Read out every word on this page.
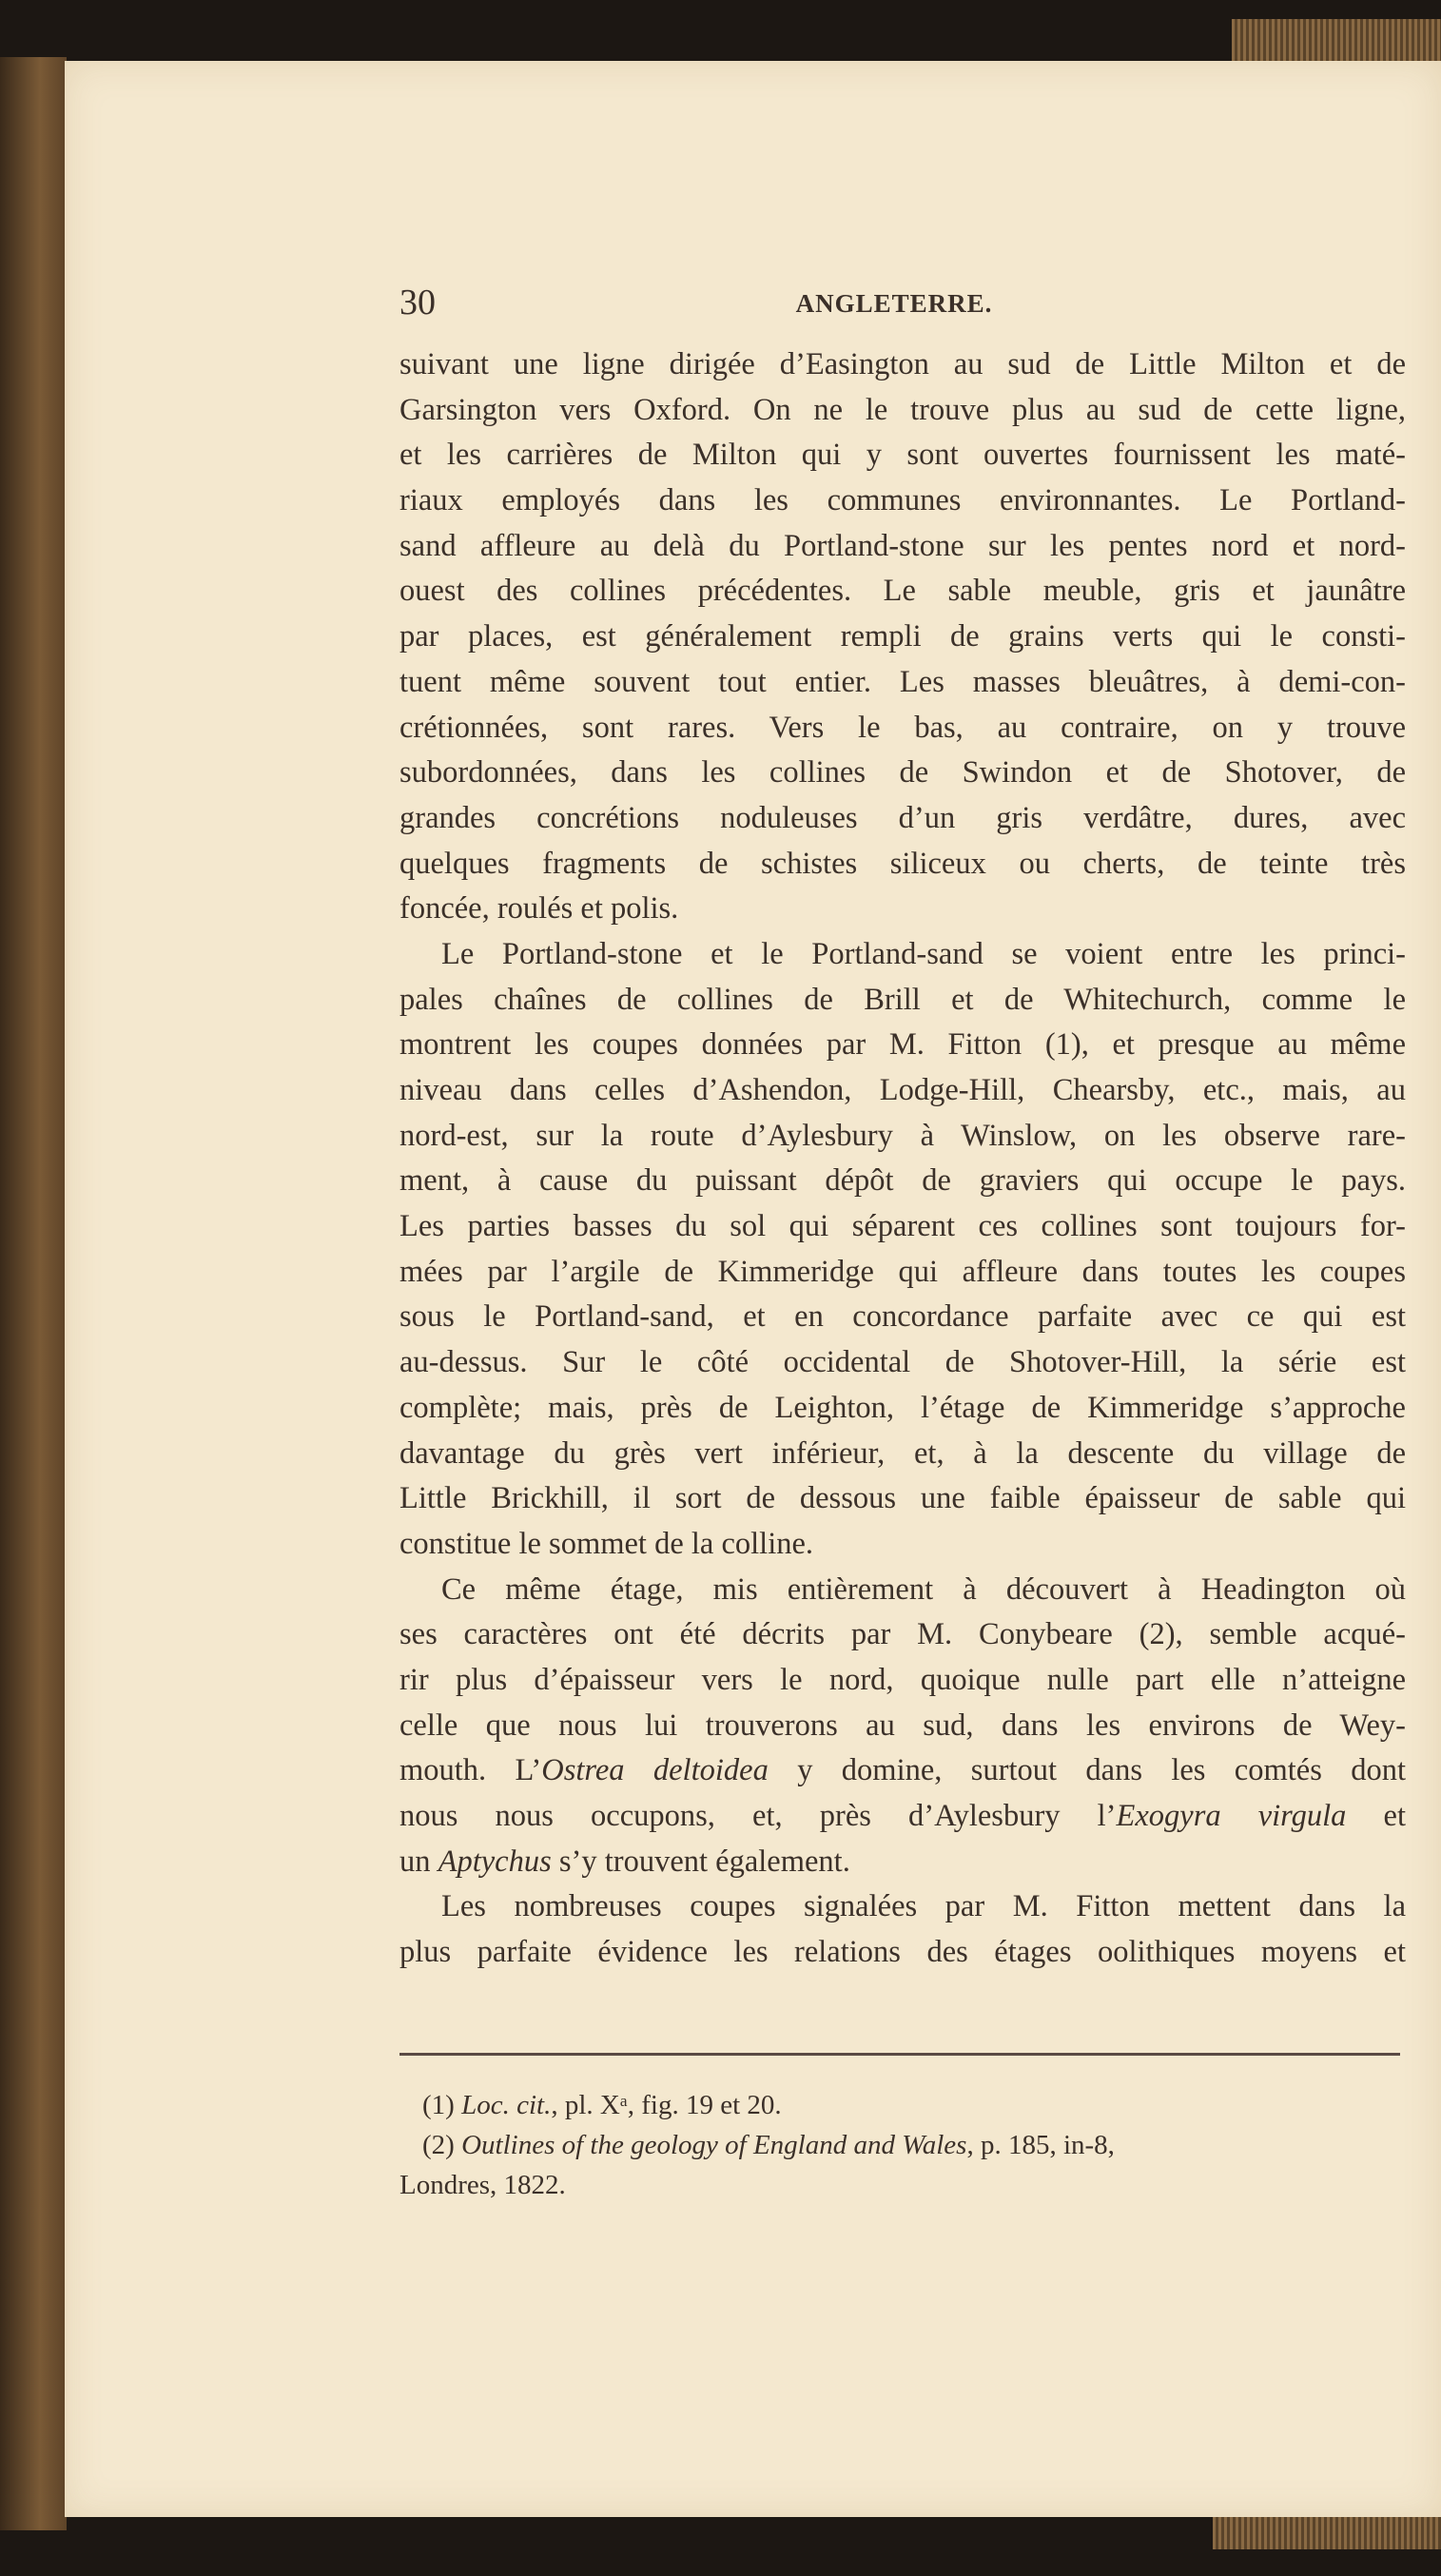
30	ANGLETERRE.
suivant une ligne dirigée d’Easington au sud de Little Milton et de
Garsington vers Oxford. On ne le trouve plus au sud de cette ligne,
et les carrières de Milton qui y sont ouvertes fournissent les maté-
riaux employés dans les communes environnantes. Le Portland-
sand affleure au delà du Portland-stone sur les pentes nord et nord-
ouest des collines précédentes. Le sable meuble, gris et jaunâtre
par places, est généralement rempli de grains verts qui le consti-
tuent même souvent tout entier. Les masses bleuâtres, à demi-con-
crétionnées, sont rares. Vers le bas, au contraire, on y trouve
subordonnées, dans les collines de Swindon et de Shotover, de
grandes concrétions noduleuses d’un gris verdâtre, dures, avec
quelques fragments de schistes siliceux ou cherts, de teinte très
foncée, roulés et polis.
Le Portland-stone et le Portland-sand se voient entre les princi-
pales chaînes de collines de Brill et de Whitechurch, comme le
montrent les coupes données par M. Fitton (1), et presque au même
niveau dans celles d’Ashendon, Lodge-Hill, Chearsby, etc., mais, au
nord-est, sur la route d’Aylesbury à Winslow, on les observe rare-
ment, à cause du puissant dépôt de graviers qui occupe le pays.
Les parties basses du sol qui séparent ces collines sont toujours for-
mées par l’argile de Kimmeridge qui affleure dans toutes les coupes
sous le Portland-sand, et en concordance parfaite avec ce qui est
au-dessus. Sur le côté occidental de Shotover-Hill, la série est
complète; mais, près de Leighton, l’étage de Kimmeridge s’approche
davantage du grès vert inférieur, et, à la descente du village de
Little Brickhill, il sort de dessous une faible épaisseur de sable qui
constitue le sommet de la colline.
Ce même étage, mis entièrement à découvert à Headington où
ses caractères ont été décrits par M. Conybeare (2), semble acqué-
rir plus d’épaisseur vers le nord, quoique nulle part elle n’atteigne
celle que nous lui trouverons au sud, dans les environs de Wey-
mouth. L’Ostrea deltoidea y domine, surtout dans les comtés dont
nous nous occupons, et, près d’Aylesbury l’Exogyra virgula et
un Aptychus s’y trouvent également.
Les nombreuses coupes signalées par M. Fitton mettent dans la
plus parfaite évidence les relations des étages oolithiques moyens et
(1) Loc. cit., pl. Xᵃ, fig. 19 et 20.
(2) Outlines of the geology of England and Wales, p. 185, in-8,
Londres, 1822.
